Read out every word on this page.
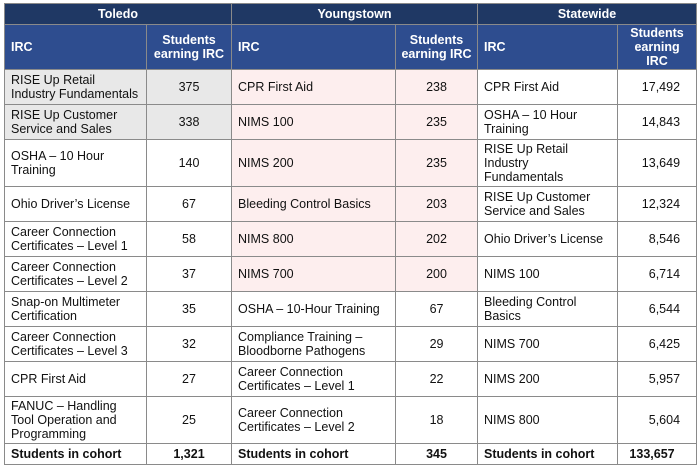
Toledo		Youngstown		Statewide	
IRC	Students earning IRC	IRC	Students earning IRC	IRC	Students earning IRC
RISE Up Retail Industry Fundamentals	375	CPR First Aid	238	CPR First Aid	17,492
RISE Up Customer Service and Sales	338	NIMS 100	235	OSHA – 10 Hour Training	14,843
OSHA – 10 Hour Training	140	NIMS 200	235	RISE Up Retail Industry Fundamentals	13,649
Ohio Driver’s License	67	Bleeding Control Basics	203	RISE Up Customer Service and Sales	12,324
Career Connection Certificates – Level 1	58	NIMS 800	202	Ohio Driver’s License	8,546
Career Connection Certificates – Level 2	37	NIMS 700	200	NIMS 100	6,714
Snap-on Multimeter Certification	35	OSHA – 10-Hour Training	67	Bleeding Control Basics	6,544
Career Connection Certificates – Level 3	32	Compliance Training – Bloodborne Pathogens	29	NIMS 700	6,425
CPR First Aid	27	Career Connection Certificates – Level 1	22	NIMS 200	5,957
FANUC – Handling Tool Operation and Programming	25	Career Connection Certificates – Level 2	18	NIMS 800	5,604
Students in cohort	1,321	Students in cohort	345	Students in cohort	133,657
